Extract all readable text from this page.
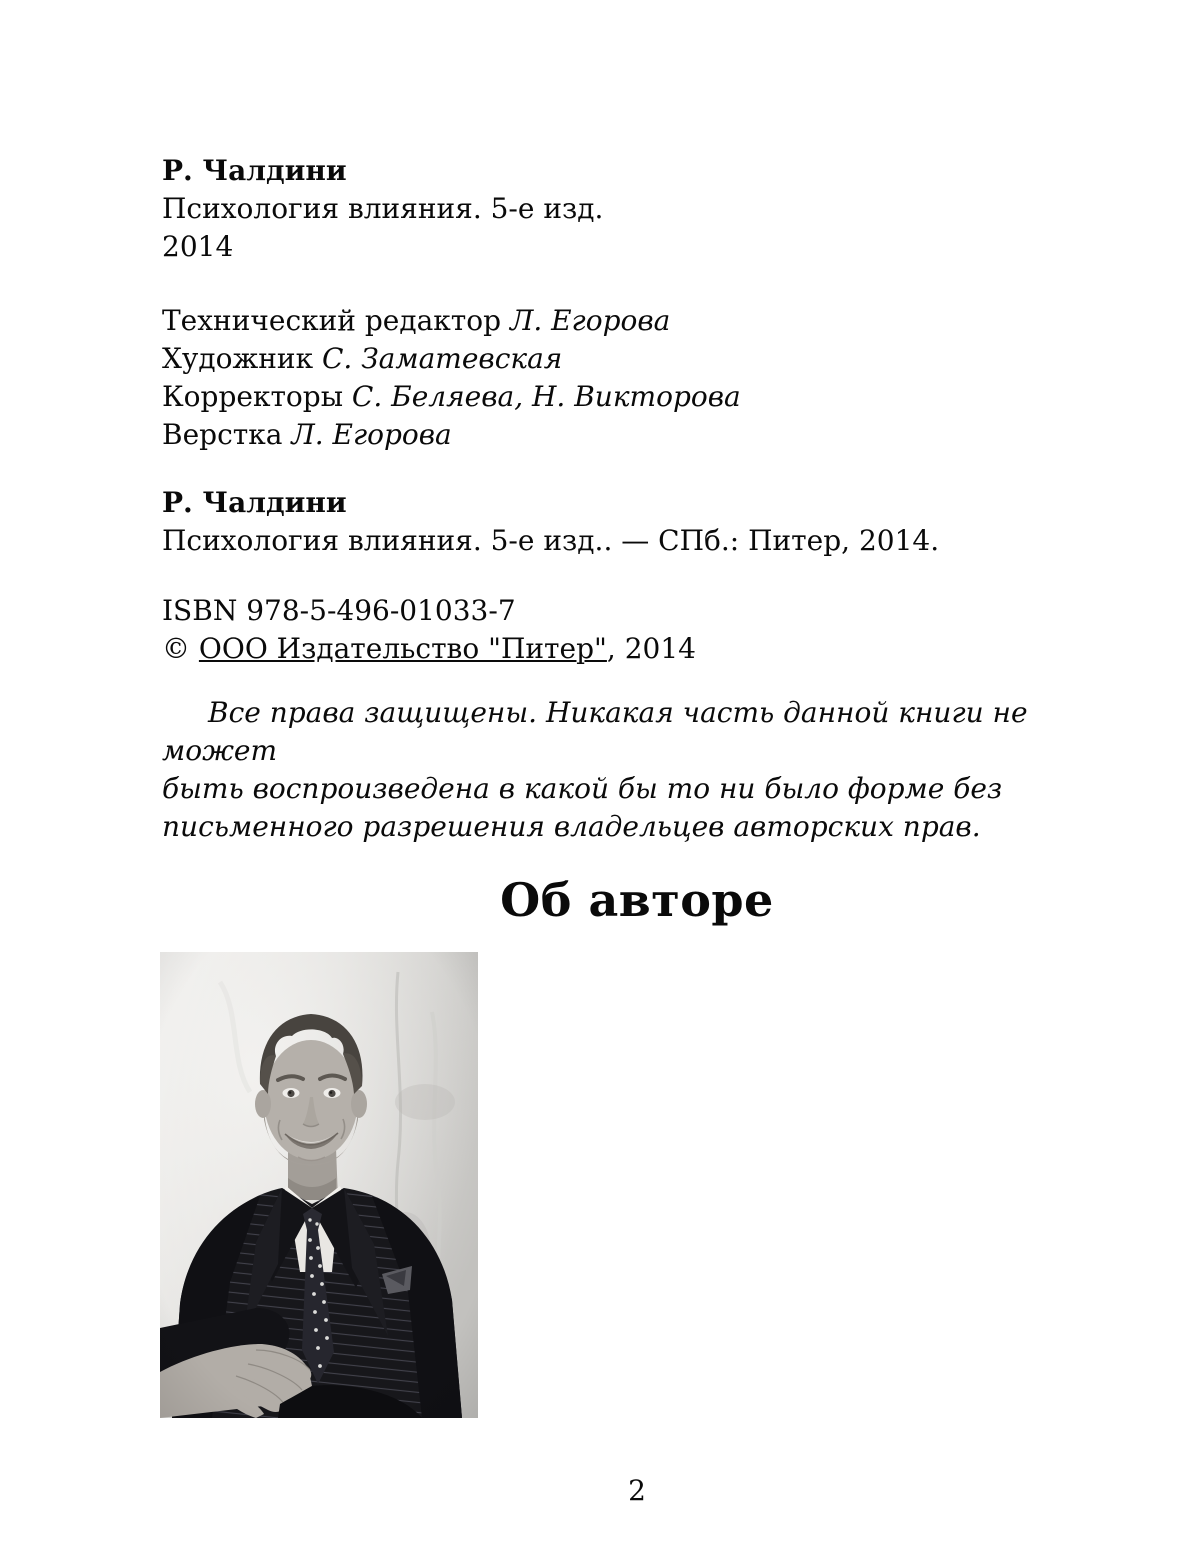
Р. Чалдини

Психология влияния. 5-е изд.

2014

Технический редактор Л. Егорова

Художник С. Заматевская

Корректоры С. Беляева, Н. Викторова

Верстка Л. Егорова

Р. Чалдини

Психология влияния. 5-е изд.. — СПб.: Питер, 2014.

ISBN 978-5-496-01033-7

© ООО Издательство "Питер", 2014

Все права защищены. Никакая часть данной книги не может

быть воспроизведена в какой бы то ни было форме без

письменного разрешения владельцев авторских прав.

Об авторе
2
